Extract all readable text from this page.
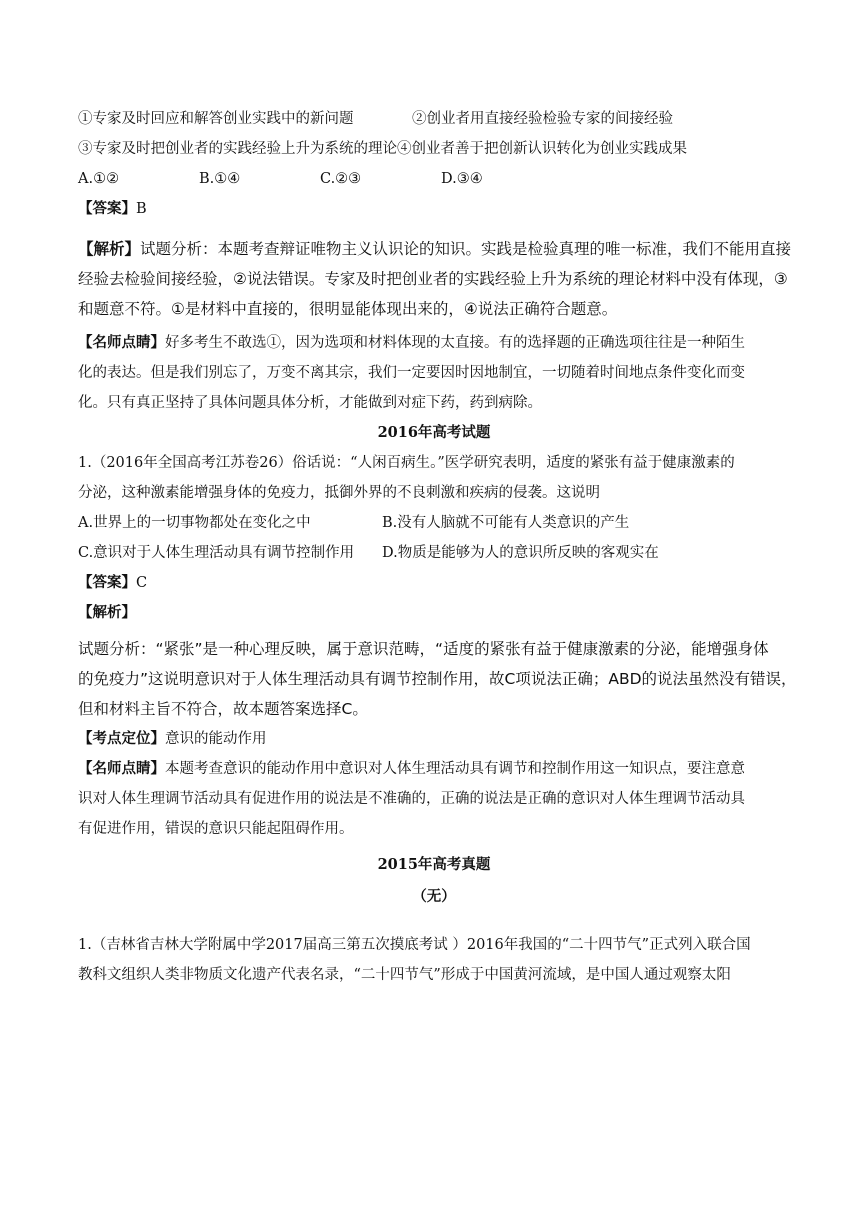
①专家及时回应和解答创业实践中的新问题	②创业者用直接经验检验专家的间接经验
③专家及时把创业者的实践经验上升为系统的理论④创业者善于把创新认识转化为创业实践成果
A.①②	B.①④	C.②③	D.③④
【答案】B
【解析】试题分析：本题考查辩证唯物主义认识论的知识。实践是检验真理的唯一标准，我们不能用直接
经验去检验间接经验，②说法错误。专家及时把创业者的实践经验上升为系统的理论材料中没有体现，③
和题意不符。①是材料中直接的，很明显能体现出来的，④说法正确符合题意。
【名师点睛】好多考生不敢选①，因为选项和材料体现的太直接。有的选择题的正确选项往往是一种陌生
化的表达。但是我们别忘了，万变不离其宗，我们一定要因时因地制宜，一切随着时间地点条件变化而变
化。只有真正坚持了具体问题具体分析，才能做到对症下药，药到病除。
2016年高考试题
1.（2016年全国高考江苏卷26）俗话说：“人闲百病生。”医学研究表明，适度的紧张有益于健康激素的
分泌，这种激素能增强身体的免疫力，抵御外界的不良刺激和疾病的侵袭。这说明
A.世界上的一切事物都处在变化之中	B.没有人脑就不可能有人类意识的产生
C.意识对于人体生理活动具有调节控制作用	D.物质是能够为人的意识所反映的客观实在
【答案】C
【解析】
试题分析：“紧张”是一种心理反映，属于意识范畴，“适度的紧张有益于健康激素的分泌，能增强身体
的免疫力”这说明意识对于人体生理活动具有调节控制作用，故C项说法正确；ABD的说法虽然没有错误，
但和材料主旨不符合，故本题答案选择C。
【考点定位】意识的能动作用
【名师点睛】本题考查意识的能动作用中意识对人体生理活动具有调节和控制作用这一知识点，要注意意
识对人体生理调节活动具有促进作用的说法是不准确的，正确的说法是正确的意识对人体生理调节活动具
有促进作用，错误的意识只能起阻碍作用。
2015年高考真题
（无）
1.（吉林省吉林大学附属中学2017届高三第五次摸底考试 ）2016年我国的“二十四节气”正式列入联合国
教科文组织人类非物质文化遗产代表名录，“二十四节气”形成于中国黄河流域，是中国人通过观察太阳
